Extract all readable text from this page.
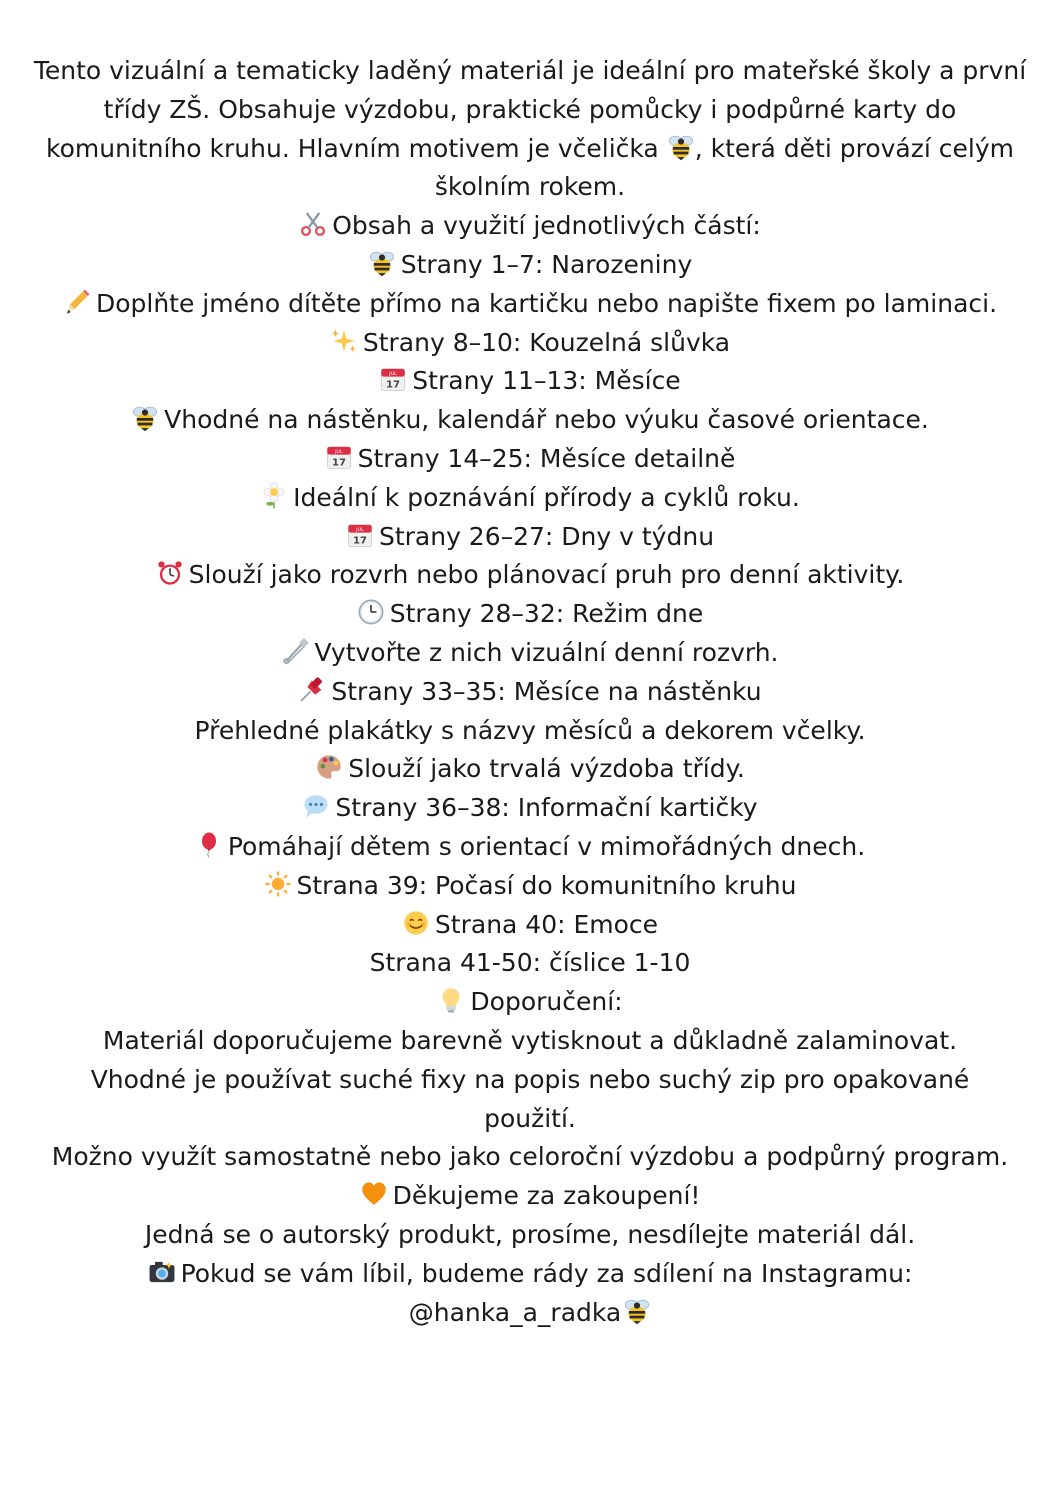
Tento vizuální a tematicky laděný materiál je ideální pro mateřské školy a první
třídy ZŠ. Obsahuje výzdobu, praktické pomůcky i podpůrné karty do
komunitního kruhu. Hlavním motivem je včelička , která děti provází celým
školním rokem.
Obsah a využití jednotlivých částí:
Strany 1–7: Narozeniny
Doplňte jméno dítěte přímo na kartičku nebo napište fixem po laminaci.
Strany 8–10: Kouzelná slůvka
Strany 11–13: Měsíce
Vhodné na nástěnku, kalendář nebo výuku časové orientace.
Strany 14–25: Měsíce detailně
Ideální k poznávání přírody a cyklů roku.
Strany 26–27: Dny v týdnu
Slouží jako rozvrh nebo plánovací pruh pro denní aktivity.
Strany 28–32: Režim dne
Vytvořte z nich vizuální denní rozvrh.
Strany 33–35: Měsíce na nástěnku
Přehledné plakátky s názvy měsíců a dekorem včelky.
Slouží jako trvalá výzdoba třídy.
Strany 36–38: Informační kartičky
Pomáhají dětem s orientací v mimořádných dnech.
Strana 39: Počasí do komunitního kruhu
Strana 40: Emoce
Strana 41-50: číslice 1-10
Doporučení:
Materiál doporučujeme barevně vytisknout a důkladně zalaminovat.
Vhodné je používat suché fixy na popis nebo suchý zip pro opakované
použití.
Možno využít samostatně nebo jako celoroční výzdobu a podpůrný program.
Děkujeme za zakoupení!
Jedná se o autorský produkt, prosíme, nesdílejte materiál dál.
Pokud se vám líbil, budeme rády za sdílení na Instagramu:
@hanka_a_radka
